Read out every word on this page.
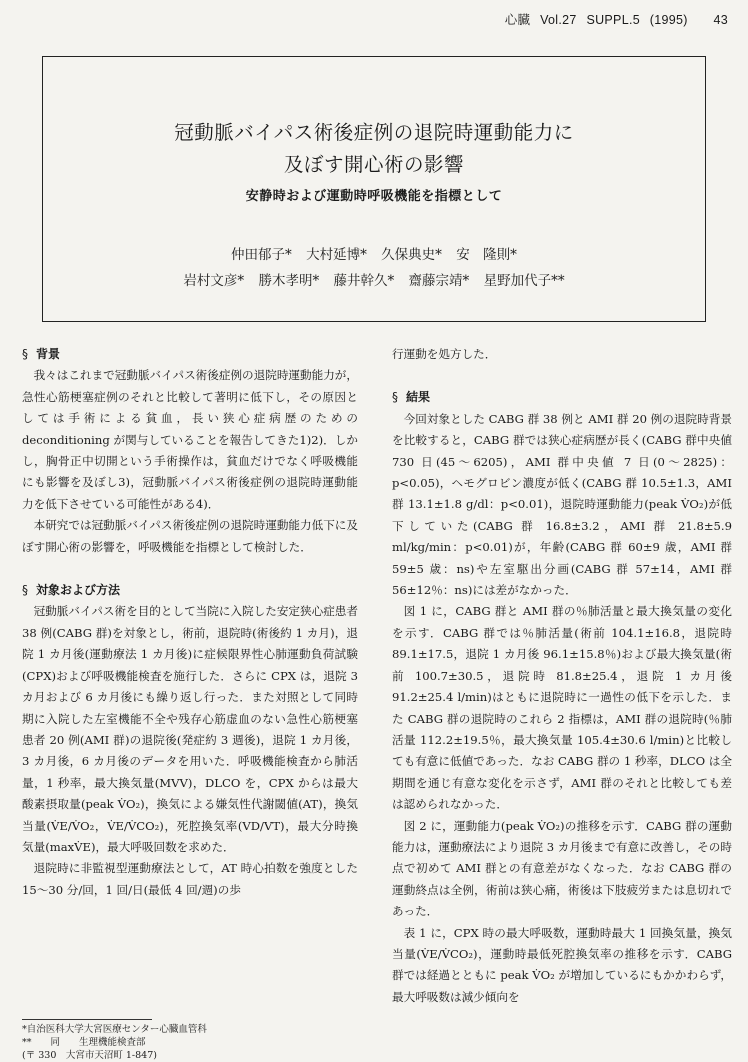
心臓 Vol.27 SUPPL.5 (1995) 43
冠動脈バイパス術後症例の退院時運動能力に
及ぼす開心術の影響
安静時および運動時呼吸機能を指標として
仲田郁子* 大村延博* 久保典史* 安　隆則*
岩村文彦* 勝木孝明* 藤井幹久* 齋藤宗靖* 星野加代子**
§ 背景

我々はこれまで冠動脈バイパス術後症例の退院時運動能力が，急性心筋梗塞症例のそれと比較して著明に低下し，その原因としては手術による貧血，長い狭心症病歴のための deconditioning が関与していることを報告してきた1)2)．しかし，胸骨正中切開という手術操作は，貧血だけでなく呼吸機能にも影響を及ぼし3)，冠動脈バイパス術後症例の退院時運動能力を低下させている可能性がある4)．

本研究では冠動脈バイパス術後症例の退院時運動能力低下に及ぼす開心術の影響を，呼吸機能を指標として検討した．

§ 対象および方法

冠動脈バイパス術を目的として当院に入院した安定狭心症患者 38 例(CABG 群)を対象とし，術前，退院時(術後約 1 カ月)，退院 1 カ月後(運動療法 1 カ月後)に症候限界性心肺運動負荷試験(CPX)および呼吸機能検査を施行した．さらに CPX は，退院 3 カ月および 6 カ月後にも繰り返し行った．また対照として同時期に入院した左室機能不全や残存心筋虚血のない急性心筋梗塞患者 20 例(AMI 群)の退院後(発症約 3 週後)，退院 1 カ月後，3 カ月後，6 カ月後のデータを用いた．呼吸機能検査から肺活量，1 秒率，最大換気量(MVV)，DLCO を，CPX からは最大酸素摂取量(peak V̇O₂)，換気による嫌気性代謝閾値(AT)，換気当量(V̇E/V̇O₂，V̇E/V̇CO₂)，死腔換気率(VD/VT)，最大分時換気量(maxV̇E)，最大呼吸回数を求めた．

退院時に非監視型運動療法として，AT 時心拍数を強度とした 15〜30 分/回，1 回/日(最低 4 回/週)の歩

行運動を処方した．

§ 結果

今回対象とした CABG 群 38 例と AMI 群 20 例の退院時背景を比較すると，CABG 群では狭心症病歴が長く(CABG 群中央値 730 日(45〜6205)，AMI 群中央値 7 日(0〜2825)：p<0.05)，ヘモグロビン濃度が低く(CABG 群 10.5±1.3，AMI 群 13.1±1.8 g/dl：p<0.01)，退院時運動能力(peak V̇O₂)が低下していた(CABG 群 16.8±3.2，AMI 群 21.8±5.9 ml/kg/min：p<0.01)が，年齢(CABG 群 60±9 歳，AMI 群 59±5 歳：ns)や左室駆出分画(CABG 群 57±14，AMI 群 56±12％：ns)には差がなかった．

図 1 に，CABG 群と AMI 群の％肺活量と最大換気量の変化を示す．CABG 群では％肺活量(術前 104.1±16.8，退院時 89.1±17.5，退院 1 カ月後 96.1±15.8％)および最大換気量(術前 100.7±30.5，退院時 81.8±25.4，退院 1 カ月後 91.2±25.4 l/min)はともに退院時に一過性の低下を示した．また CABG 群の退院時のこれら 2 指標は，AMI 群の退院時(％肺活量 112.2±19.5％，最大換気量 105.4±30.6 l/min)と比較しても有意に低値であった．なお CABG 群の 1 秒率，DLCO は全期間を通じ有意な変化を示さず，AMI 群のそれと比較しても差は認められなかった．

図 2 に，運動能力(peak V̇O₂)の推移を示す．CABG 群の運動能力は，運動療法により退院 3 カ月後まで有意に改善し，その時点で初めて AMI 群との有意差がなくなった．なお CABG 群の運動終点は全例，術前は狭心痛，術後は下肢疲労または息切れであった．

表 1 に，CPX 時の最大呼吸数，運動時最大 1 回換気量，換気当量(V̇E/V̇CO₂)，運動時最低死腔換気率の推移を示す．CABG 群では経過とともに peak V̇O₂ が増加しているにもかかわらず，最大呼吸数は減少傾向を

*自治医科大学大宮医療センター心臓血管科
**　　同　　生理機能検査部
(〒 330　大宮市天沼町 1-847)
